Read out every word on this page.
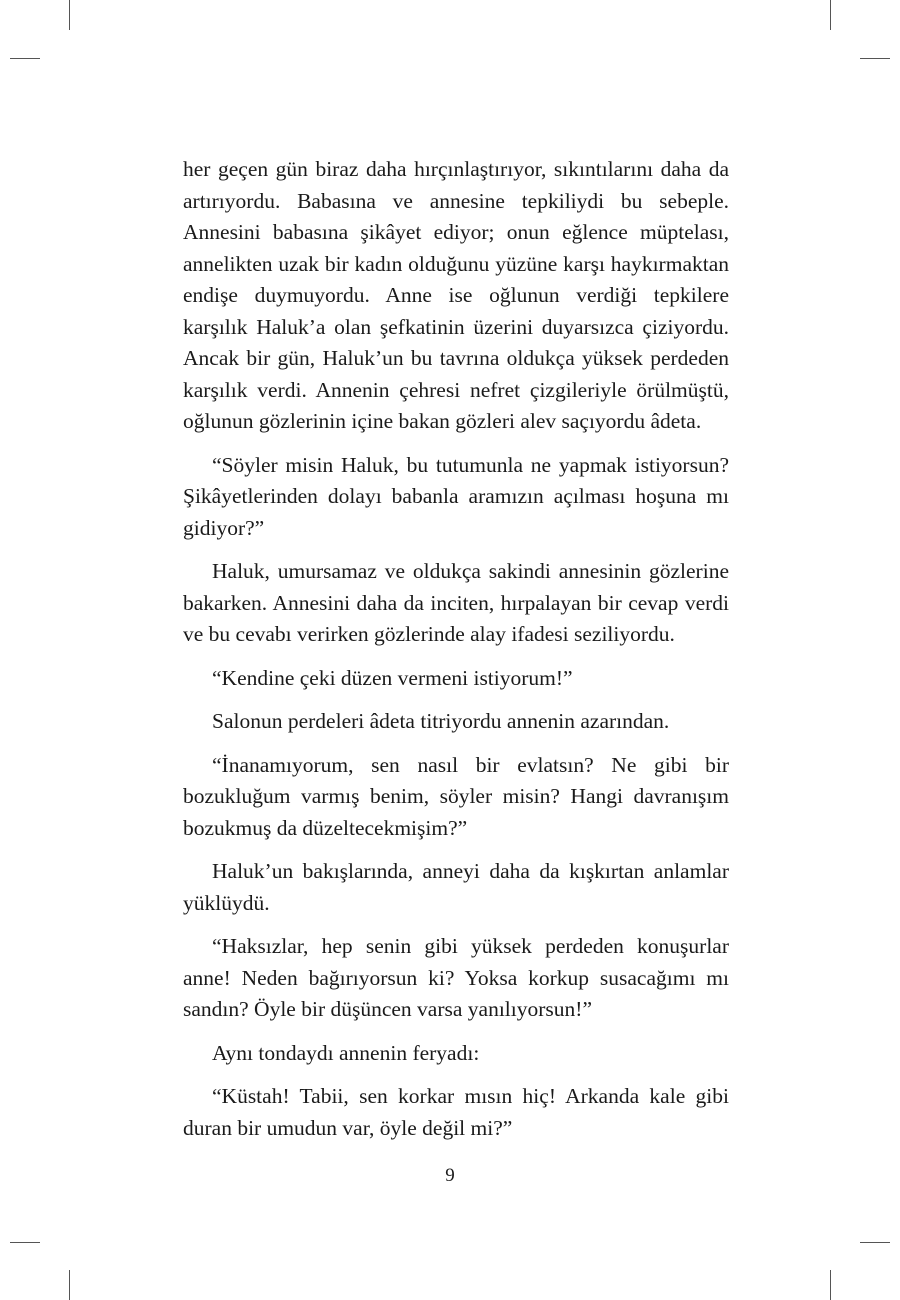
her geçen gün biraz daha hırçınlaştırıyor, sıkıntılarını daha da artırıyordu. Babasına ve annesine tepkiliydi bu sebeple. Annesini babasına şikâyet ediyor; onun eğlence müptelası, annelikten uzak bir kadın olduğunu yüzüne karşı haykırmaktan endişe duymuyordu. Anne ise oğlunun verdiği tepkilere karşılık Haluk’a olan şefkatinin üzerini duyarsızca çiziyordu. Ancak bir gün, Haluk’un bu tavrına oldukça yüksek perdeden karşılık verdi. Annenin çehresi nefret çizgileriyle örülmüştü, oğlunun gözlerinin içine bakan gözleri alev saçıyordu âdeta.

“Söyler misin Haluk, bu tutumunla ne yapmak istiyorsun? Şikâyetlerinden dolayı babanla aramızın açılması hoşuna mı gidiyor?”

Haluk, umursamaz ve oldukça sakindi annesinin gözlerine bakarken. Annesini daha da inciten, hırpalayan bir cevap verdi ve bu cevabı verirken gözlerinde alay ifadesi seziliyordu.

“Kendine çeki düzen vermeni istiyorum!”

Salonun perdeleri âdeta titriyordu annenin azarından.

“İnanamıyorum, sen nasıl bir evlatsın? Ne gibi bir bozukluğum varmış benim, söyler misin? Hangi davranışım bozukmuş da düzeltecekmişim?”

Haluk’un bakışlarında, anneyi daha da kışkırtan anlamlar yüklüydü.

“Haksızlar, hep senin gibi yüksek perdeden konuşurlar anne! Neden bağırıyorsun ki? Yoksa korkup susacağımı mı sandın? Öyle bir düşüncen varsa yanılıyorsun!”

Aynı tondaydı annenin feryadı:

“Küstah! Tabii, sen korkar mısın hiç! Arkanda kale gibi duran bir umudun var, öyle değil mi?”

9
